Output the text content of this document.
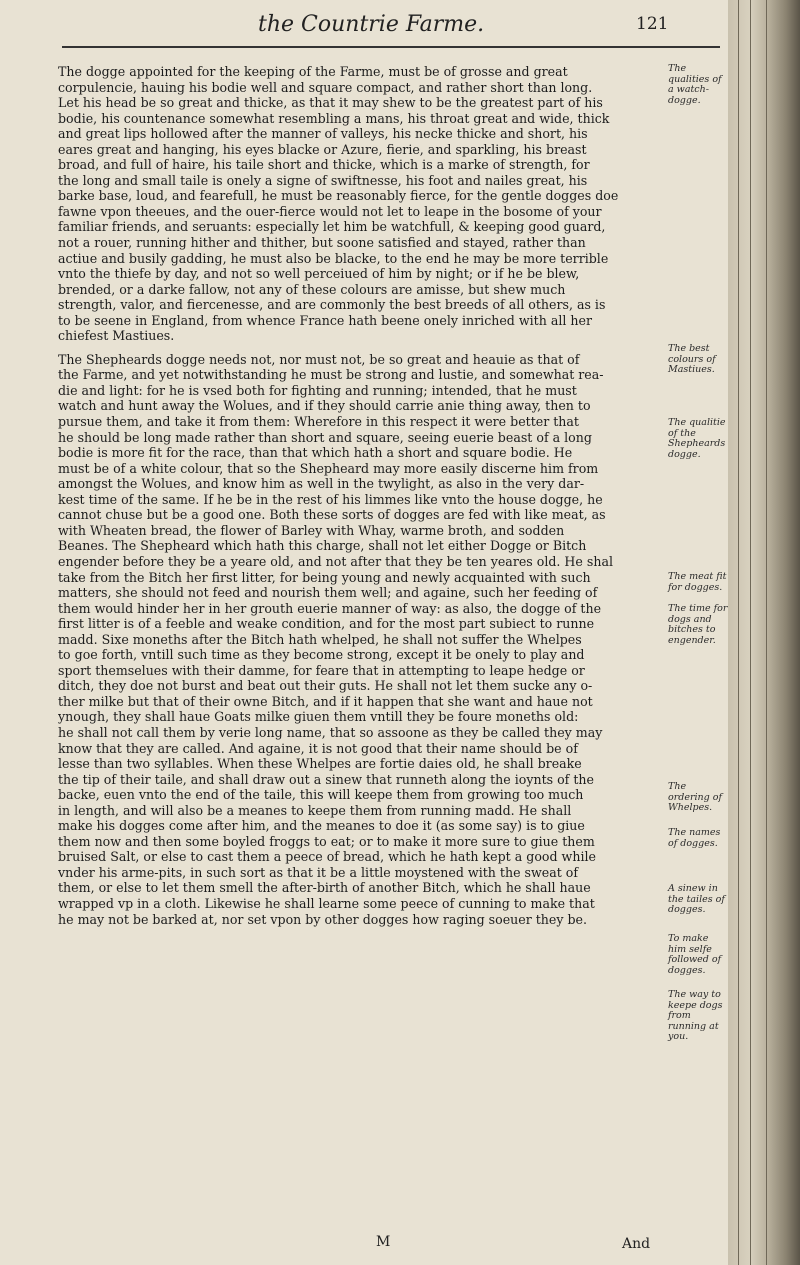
the Countrie Farme.	121

The dogge appointed for the keeping of the Farme, must be of grosse and great
corpulencie, hauing his bodie well and square compact, and rather short than long.
Let his head be so great and thicke, as that it may shew to be the greatest part of his
bodie, his countenance somewhat resembling a mans, his throat great and wide, thick
and great lips hollowed after the manner of valleys, his necke thicke and short, his
eares great and hanging, his eyes blacke or Azure, fierie, and sparkling, his breast
broad, and full of haire, his taile short and thicke, which is a marke of strength, for
the long and small taile is onely a signe of swiftnesse, his foot and nailes great, his
barke base, loud, and fearefull, he must be reasonably fierce, for the gentle dogges doe
fawne vpon theeues, and the ouer-fierce would not let to leape in the bosome of your
familiar friends, and seruants: especially let him be watchfull, & keeping good guard,
not a rouer, running hither and thither, but soone satisfied and stayed, rather than
actiue and busily gadding, he must also be blacke, to the end he may be more terrible
vnto the thiefe by day, and not so well perceiued of him by night; or if he be blew,
brended, or a darke fallow, not any of these colours are amisse, but shew much
strength, valor, and fiercenesse, and are commonly the best breeds of all others, as is
to be seene in England, from whence France hath beene onely inriched with all her
chiefest Mastiues.

The Shepheards dogge needs not, nor must not, be so great and heauie as that of
the Farme, and yet notwithstanding he must be strong and lustie, and somewhat rea-
die and light: for he is vsed both for fighting and running; intended, that he must
watch and hunt away the Wolues, and if they should carrie anie thing away, then to
pursue them, and take it from them: Wherefore in this respect it were better that
he should be long made rather than short and square, seeing euerie beast of a long
bodie is more fit for the race, than that which hath a short and square bodie. He
must be of a white colour, that so the Shepheard may more easily discerne him from
amongst the Wolues, and know him as well in the twylight, as also in the very dar-
kest time of the same. If he be in the rest of his limmes like vnto the house dogge, he
cannot chuse but be a good one. Both these sorts of dogges are fed with like meat, as
with Wheaten bread, the flower of Barley with Whay, warme broth, and sodden
Beanes. The Shepheard which hath this charge, shall not let either Dogge or Bitch
engender before they be a yeare old, and not after that they be ten yeares old. He shal
take from the Bitch her first litter, for being young and newly acquainted with such
matters, she should not feed and nourish them well; and againe, such her feeding of
them would hinder her in her grouth euerie manner of way: as also, the dogge of the
first litter is of a feeble and weake condition, and for the most part subiect to runne
madd. Sixe moneths after the Bitch hath whelped, he shall not suffer the Whelpes
to goe forth, vntill such time as they become strong, except it be onely to play and
sport themselues with their damme, for feare that in attempting to leape hedge or
ditch, they doe not burst and beat out their guts. He shall not let them sucke any o-
ther milke but that of their owne Bitch, and if it happen that she want and haue not
ynough, they shall haue Goats milke giuen them vntill they be foure moneths old:
he shall not call them by verie long name, that so assoone as they be called they may
know that they are called. And againe, it is not good that their name should be of
lesse than two syllables. When these Whelpes are fortie daies old, he shall breake
the tip of their taile, and shall draw out a sinew that runneth along the ioynts of the
backe, euen vnto the end of the taile, this will keepe them from growing too much
in length, and will also be a meanes to keepe them from running madd. He shall
make his dogges come after him, and the meanes to doe it (as some say) is to giue
them now and then some boyled froggs to eat; or to make it more sure to giue them
bruised Salt, or else to cast them a peece of bread, which he hath kept a good while
vnder his arme-pits, in such sort as that it be a little moystened with the sweat of
them, or else to let them smell the after-birth of another Bitch, which he shall haue
wrapped vp in a cloth. Likewise he shall learne some peece of cunning to make that
he may not be barked at, nor set vpon by other dogges how raging soeuer they be.

The qualities of a watch-dogge.
The best colours of Mastiues.
The qualitie of the Shepheards dogge.
The meat fit for dogges.
The time for dogs and bitches to engender.
The ordering of Whelpes.
The names of dogges.
A sinew in the tailes of dogges.
To make him selfe followed of dogges.
The way to keepe dogs from running at you.
M	And
